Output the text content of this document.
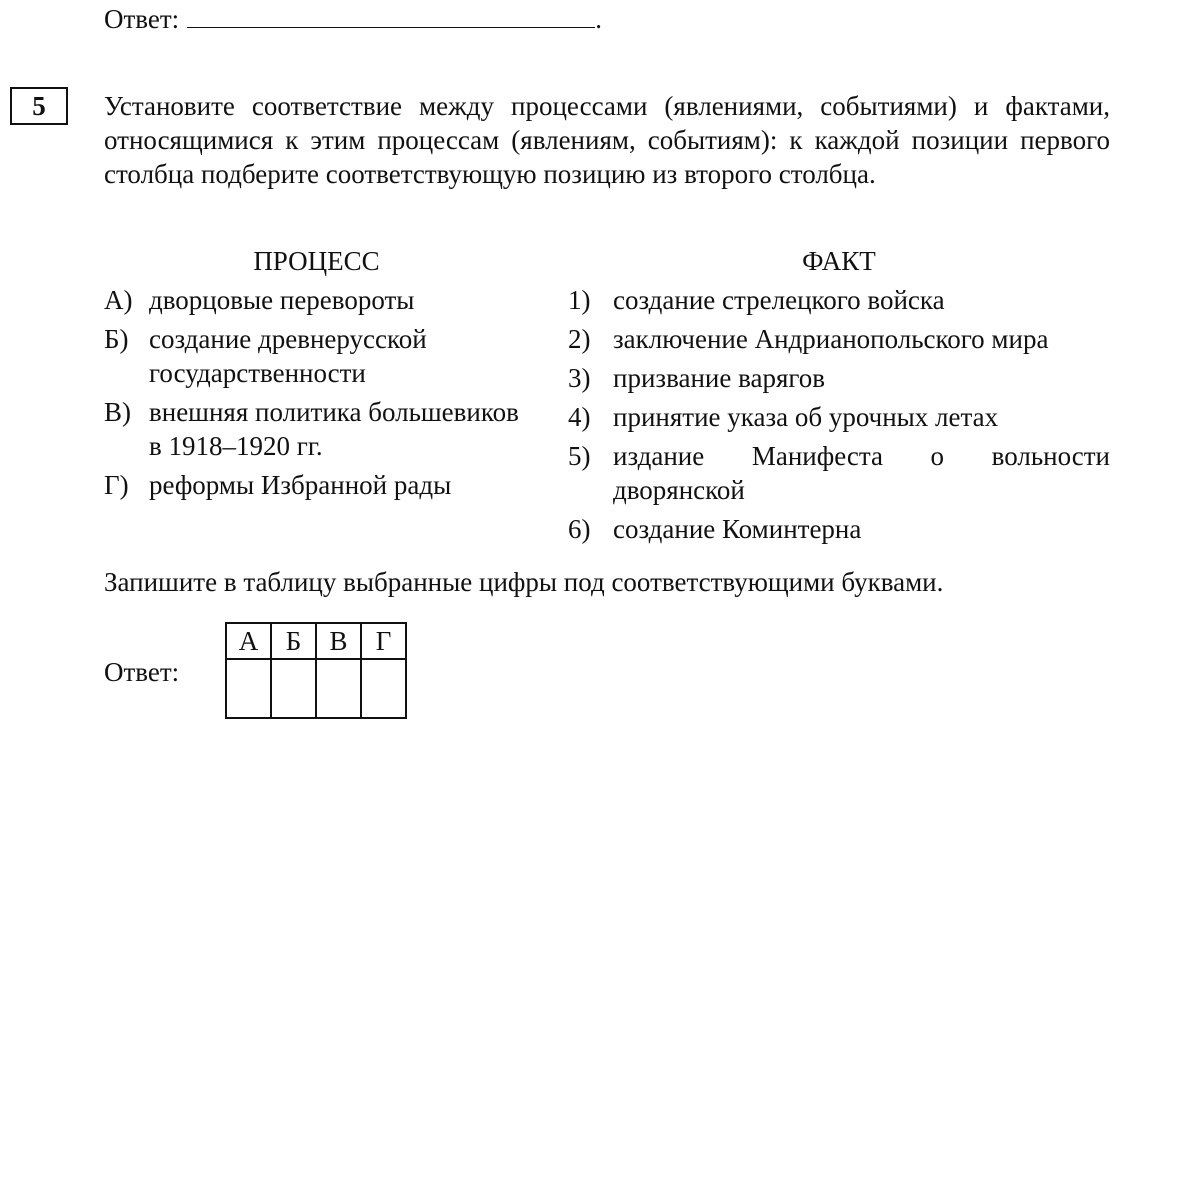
Ответ:	.
5	Установите соответствие между процессами (явлениями, событиями) и фактами, относящимися к этим процессам (явлениям, событиям): к каждой позиции первого столбца подберите соответствующую позицию из второго столбца.
ПРОЦЕСС	ФАКТ
А) дворцовые перевороты
Б) создание древнерусской государственности
В) внешняя политика большевиков в 1918–1920 гг.
Г) реформы Избранной рады
1) создание стрелецкого войска
2) заключение Андрианопольского мира
3) призвание варягов
4) принятие указа об урочных летах
5) издание Манифеста о вольности
дворянской
6) создание Коминтерна
Запишите в таблицу выбранные цифры под соответствующими буквами.
Ответ:
А	Б	В	Г
